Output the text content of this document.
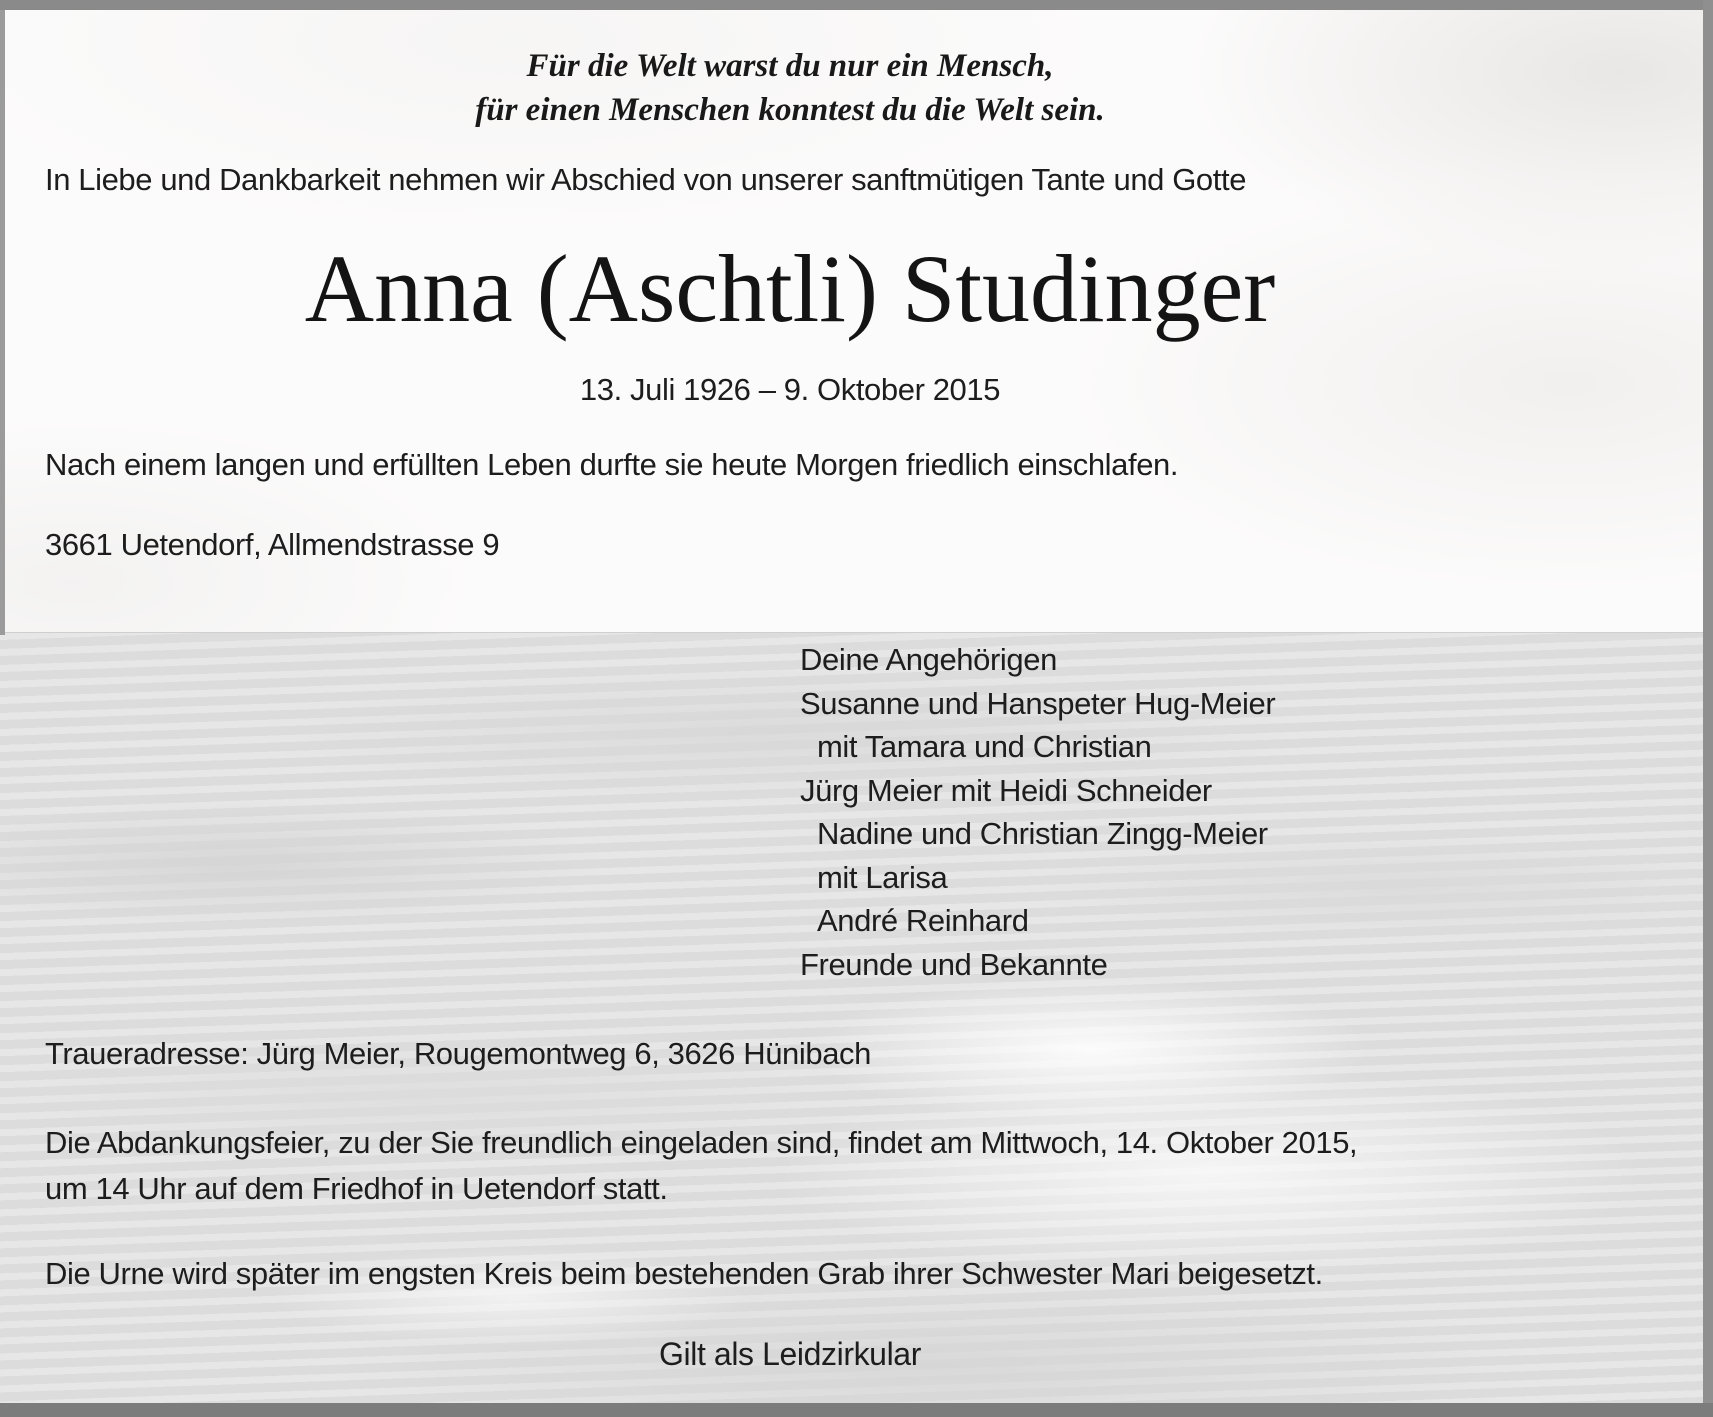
Für die Welt warst du nur ein Mensch,
für einen Menschen konntest du die Welt sein.
In Liebe und Dankbarkeit nehmen wir Abschied von unserer sanftmütigen Tante und Gotte
Anna (Aschtli) Studinger
13. Juli 1926 – 9. Oktober 2015
Nach einem langen und erfüllten Leben durfte sie heute Morgen friedlich einschlafen.
3661 Uetendorf, Allmendstrasse 9
Deine Angehörigen
Susanne und Hanspeter Hug-Meier
mit Tamara und Christian
Jürg Meier mit Heidi Schneider
Nadine und Christian Zingg-Meier
mit Larisa
André Reinhard
Freunde und Bekannte
Traueradresse: Jürg Meier, Rougemontweg 6, 3626 Hünibach
Die Abdankungsfeier, zu der Sie freundlich eingeladen sind, findet am Mittwoch, 14. Oktober 2015,
um 14 Uhr auf dem Friedhof in Uetendorf statt.
Die Urne wird später im engsten Kreis beim bestehenden Grab ihrer Schwester Mari beigesetzt.
Gilt als Leidzirkular
